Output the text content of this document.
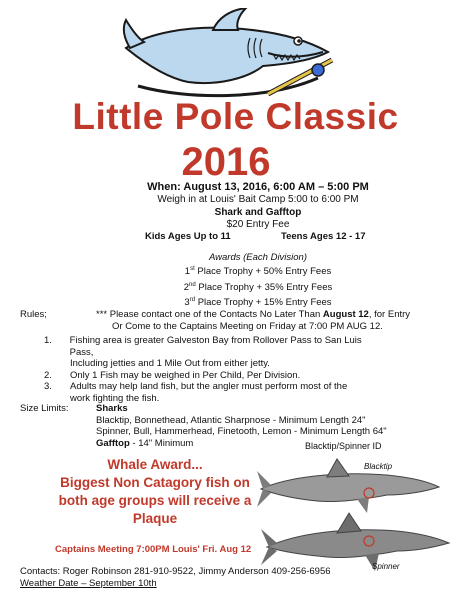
Little Pole Classic
2016
When: August 13, 2016, 6:00 AM – 5:00 PM
Weigh in at Louis' Bait Camp 5:00 to 6:00 PM
Shark and Gafftop
$20 Entry Fee
Kids Ages Up to 11	Teens Ages 12 - 17
Awards (Each Division)
1st Place Trophy + 50% Entry Fees
2nd Place Trophy + 35% Entry Fees
3rd Place Trophy + 15% Entry Fees
Rules;	*** Please contact one of the Contacts No Later Than August 12, for Entry
Or Come to the Captains Meeting on Friday at 7:00 PM AUG 12.
1.	Fishing area is greater Galveston Bay from Rollover Pass to San Luis Pass,
Including jetties and 1 Mile Out from either jetty.
2.	Only 1 Fish may be weighed in Per Child, Per Division.
3.	Adults may help land fish, but the angler must perform most of the
work fighting the fish.
Size Limits:	Sharks
Blacktip, Bonnethead, Atlantic Sharpnose - Minimum Length 24"
Spinner, Bull, Hammerhead, Finetooth, Lemon - Minimum Length 64"
Gafftop - 14" Minimum
Whale Award...
Biggest Non Catagory fish on
both age groups will receive a
Plaque
Blacktip/Spinner ID
Blacktip
Spinner
Captains Meeting 7:00PM Louis' Fri. Aug 12
Contacts: Roger Robinson 281-910-9522, Jimmy Anderson 409-256-6956
Weather Date – September 10th
